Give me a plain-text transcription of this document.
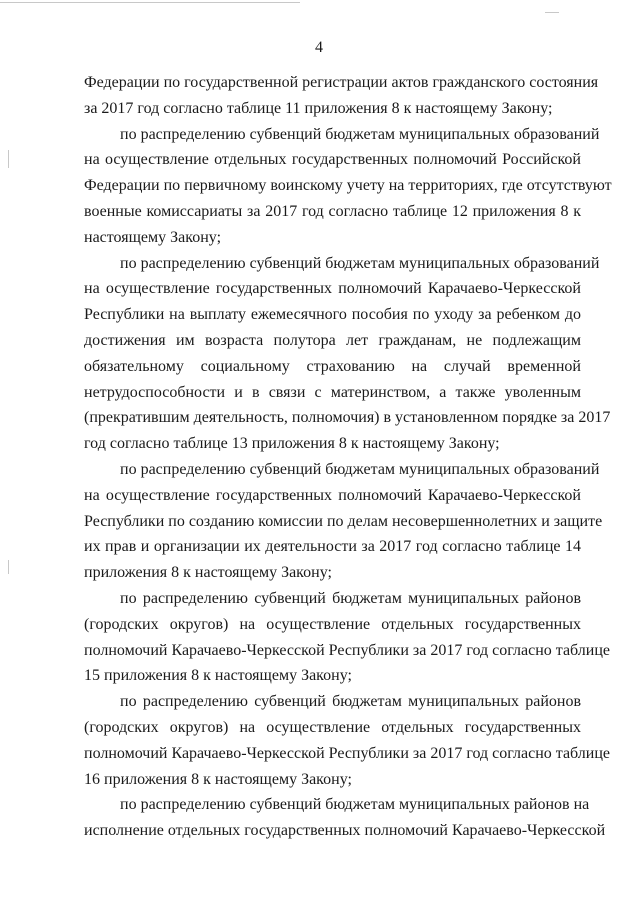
4

Федерации по государственной регистрации актов гражданского состояния
за 2017 год согласно таблице 11 приложения 8 к настоящему Закону;

по распределению субвенций бюджетам муниципальных образований
на осуществление отдельных государственных полномочий Российской
Федерации по первичному воинскому учету на территориях, где отсутствуют
военные комиссариаты за 2017 год согласно таблице 12 приложения 8 к
настоящему Закону;

по распределению субвенций бюджетам муниципальных образований
на осуществление государственных полномочий Карачаево-Черкесской
Республики на выплату ежемесячного пособия по уходу за ребенком до
достижения им возраста полутора лет гражданам, не подлежащим
обязательному социальному страхованию на случай временной
нетрудоспособности и в связи с материнством, а также уволенным
(прекратившим деятельность, полномочия) в установленном порядке за 2017
год согласно таблице 13 приложения 8 к настоящему Закону;

по распределению субвенций бюджетам муниципальных образований
на осуществление государственных полномочий Карачаево-Черкесской
Республики по созданию комиссии по делам несовершеннолетних и защите
их прав и организации их деятельности за 2017 год согласно таблице 14
приложения 8 к настоящему Закону;

по распределению субвенций бюджетам муниципальных районов
(городских округов) на осуществление отдельных государственных
полномочий Карачаево-Черкесской Республики за 2017 год согласно таблице
15 приложения 8 к настоящему Закону;

по распределению субвенций бюджетам муниципальных районов
(городских округов) на осуществление отдельных государственных
полномочий Карачаево-Черкесской Республики за 2017 год согласно таблице
16 приложения 8 к настоящему Закону;

по распределению субвенций бюджетам муниципальных районов на
исполнение отдельных государственных полномочий Карачаево-Черкесской
